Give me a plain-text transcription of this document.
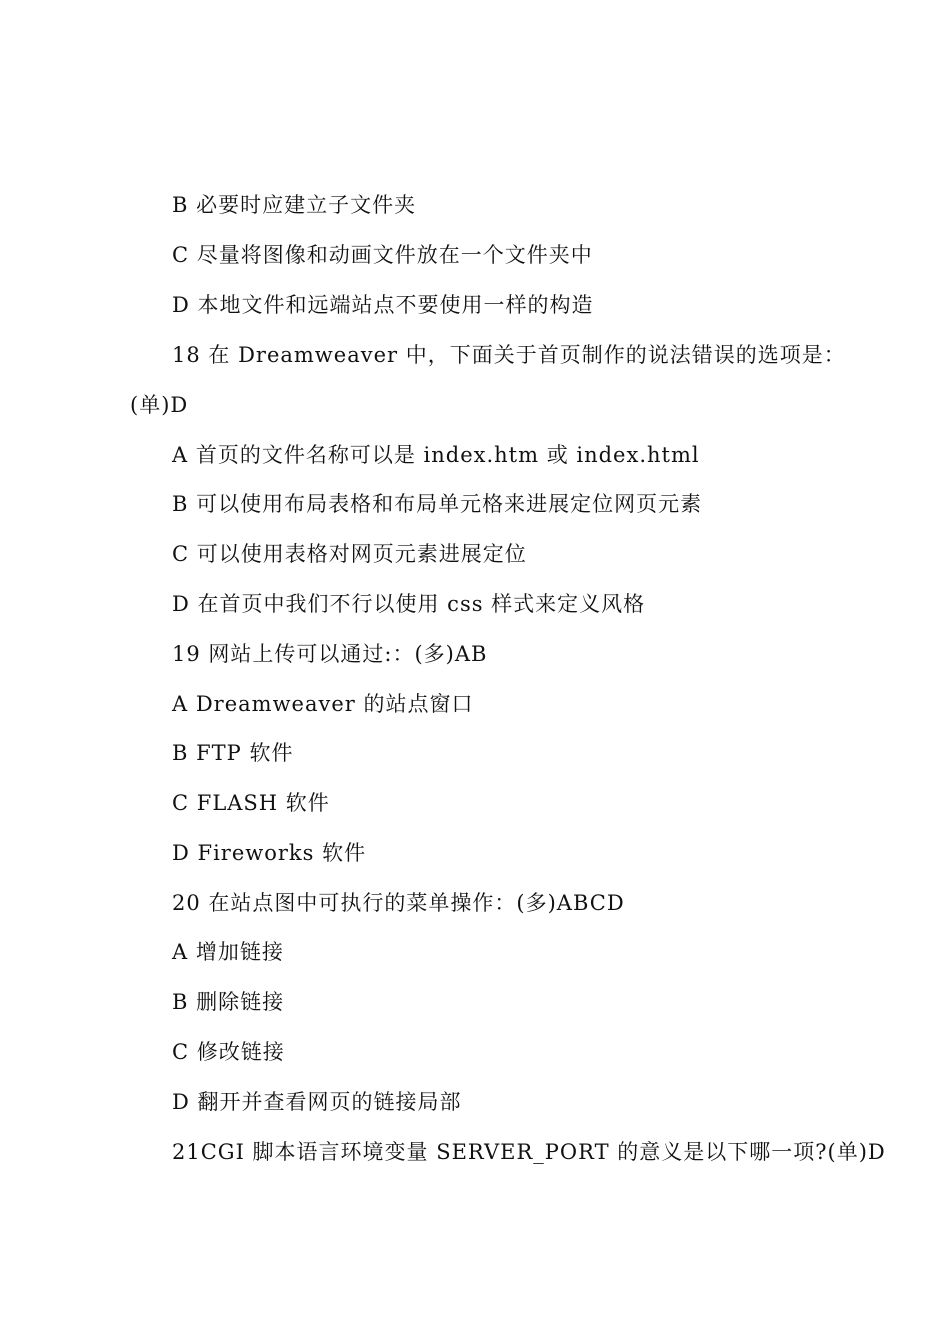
B 必要时应建立子文件夹
C 尽量将图像和动画文件放在一个文件夹中
D 本地文件和远端站点不要使用一样的构造
18 在 Dreamweaver 中，下面关于首页制作的说法错误的选项是：
(单)D
A 首页的文件名称可以是 index.htm 或 index.html
B 可以使用布局表格和布局单元格来进展定位网页元素
C 可以使用表格对网页元素进展定位
D 在首页中我们不行以使用 css 样式来定义风格
19 网站上传可以通过:：(多)AB
A Dreamweaver 的站点窗口
B FTP 软件
C FLASH 软件
D Fireworks 软件
20 在站点图中可执行的菜单操作：(多)ABCD
A 增加链接
B 删除链接
C 修改链接
D 翻开并查看网页的链接局部
21CGI 脚本语言环境变量 SERVER_PORT 的意义是以下哪一项?(单)D
